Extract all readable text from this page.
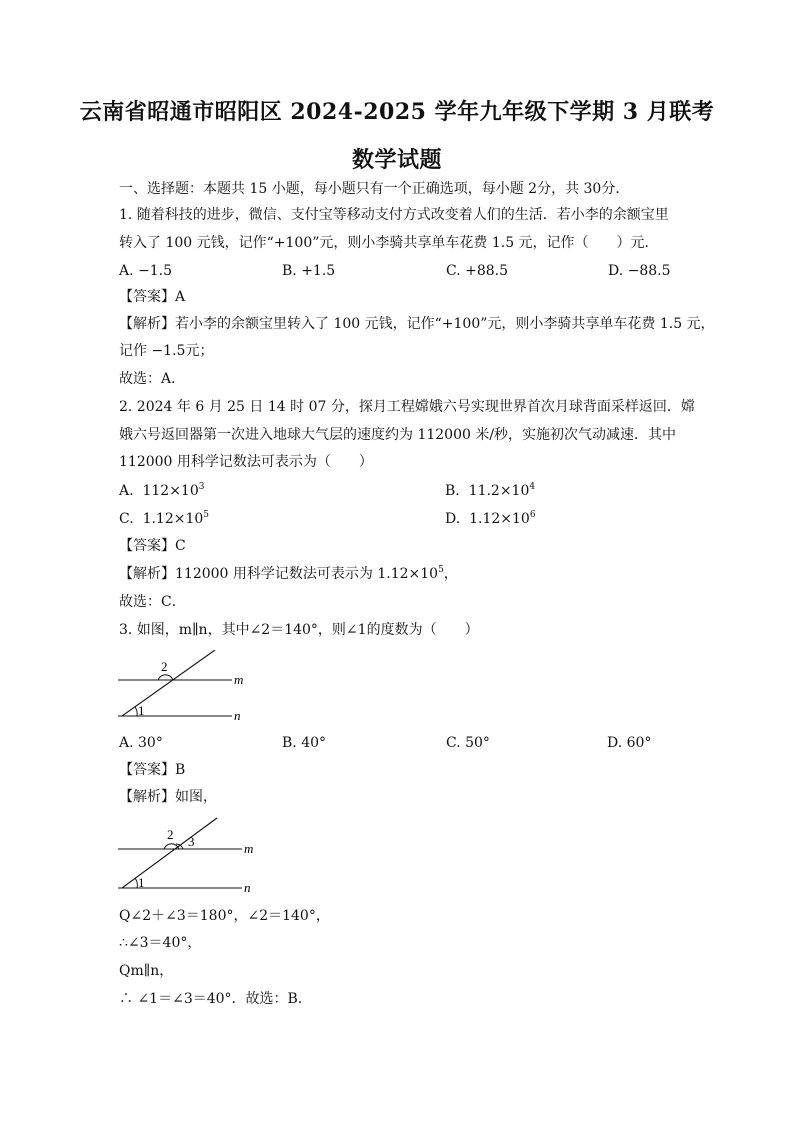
云南省昭通市昭阳区 2024-2025 学年九年级下学期 3 月联考
数学试题
一、选择题：本题共 15 小题，每小题只有一个正确选项，每小题 2分，共 30分．
1. 随着科技的进步，微信、支付宝等移动支付方式改变着人们的生活．若小李的余额宝里
转入了 100 元钱，记作“+100”元，则小李骑共享单车花费 1.5 元，记作（　　）元．
A. −1.5	B. +1.5	C. +88.5	D. −88.5
【答案】A
【解析】若小李的余额宝里转入了 100 元钱，记作“+100”元，则小李骑共享单车花费 1.5 元，
记作 −1.5元；
故选：A．
2. 2024 年 6 月 25 日 14 时 07 分，探月工程嫦娥六号实现世界首次月球背面采样返回．嫦
娥六号返回器第一次进入地球大气层的速度约为 112000 米/秒，实施初次气动减速．其中
112000 用科学记数法可表示为（　　）
A. $112\times 10^3$	B. $11.2\times 10^4$
C. $1.12\times 10^5$	D. $1.12\times 10^6$
【答案】C
【解析】112000 用科学记数法可表示为 $1.12\times 10^5$，
故选：C．
3. 如图，m∥n，其中∠2＝140°，则∠1的度数为（　　）
2
1
m
n
A. 30°	B. 40°	C. 50°	D. 60°
【答案】B
【解析】如图，
2 3
1
m
n
Q∠2＋∠3＝180°，∠2＝140°，
∴∠3＝40°，
Qm∥n，
∴ ∠1＝∠3＝40°．故选：B．
